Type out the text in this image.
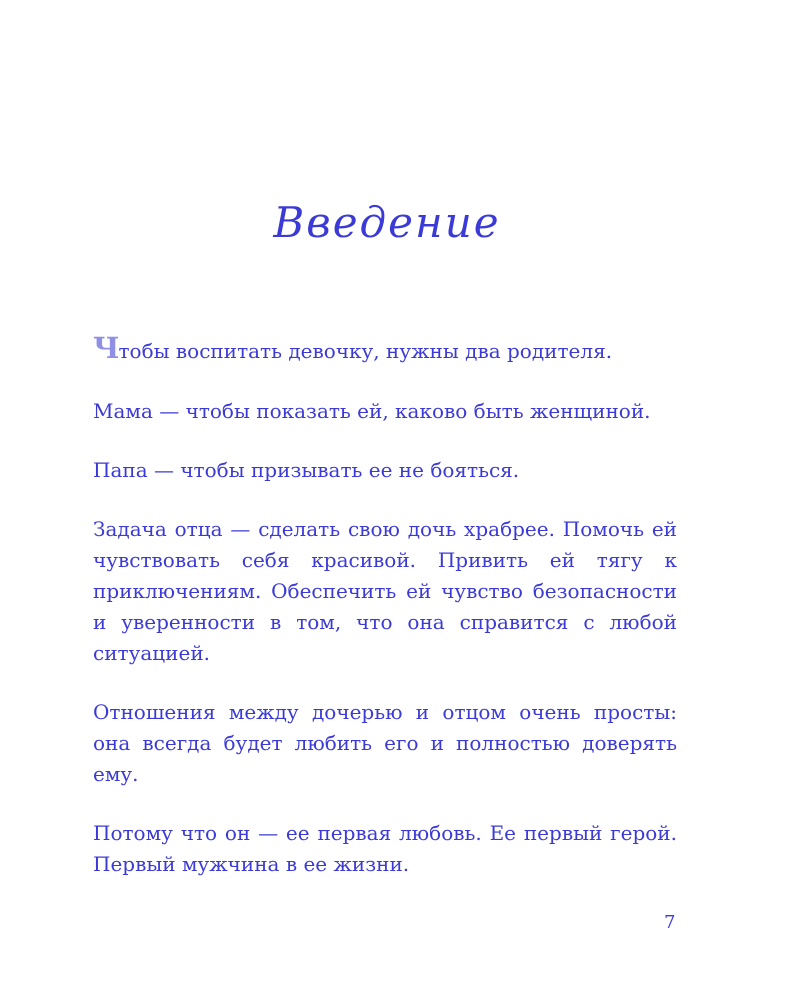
Введение

Чтобы воспитать девочку, нужны два родителя.

Мама — чтобы показать ей, каково быть женщиной.

Папа — чтобы призывать ее не бояться.

Задача отца — сделать свою дочь храбрее. Помочь ей чувствовать себя красивой. Привить ей тягу к приключениям. Обеспечить ей чувство безопасности и уверенности в том, что она справится с любой ситуацией.

Отношения между дочерью и отцом очень просты: она всегда будет любить его и полностью доверять ему.

Потому что он — ее первая любовь. Ее первый герой. Первый мужчина в ее жизни.

7
